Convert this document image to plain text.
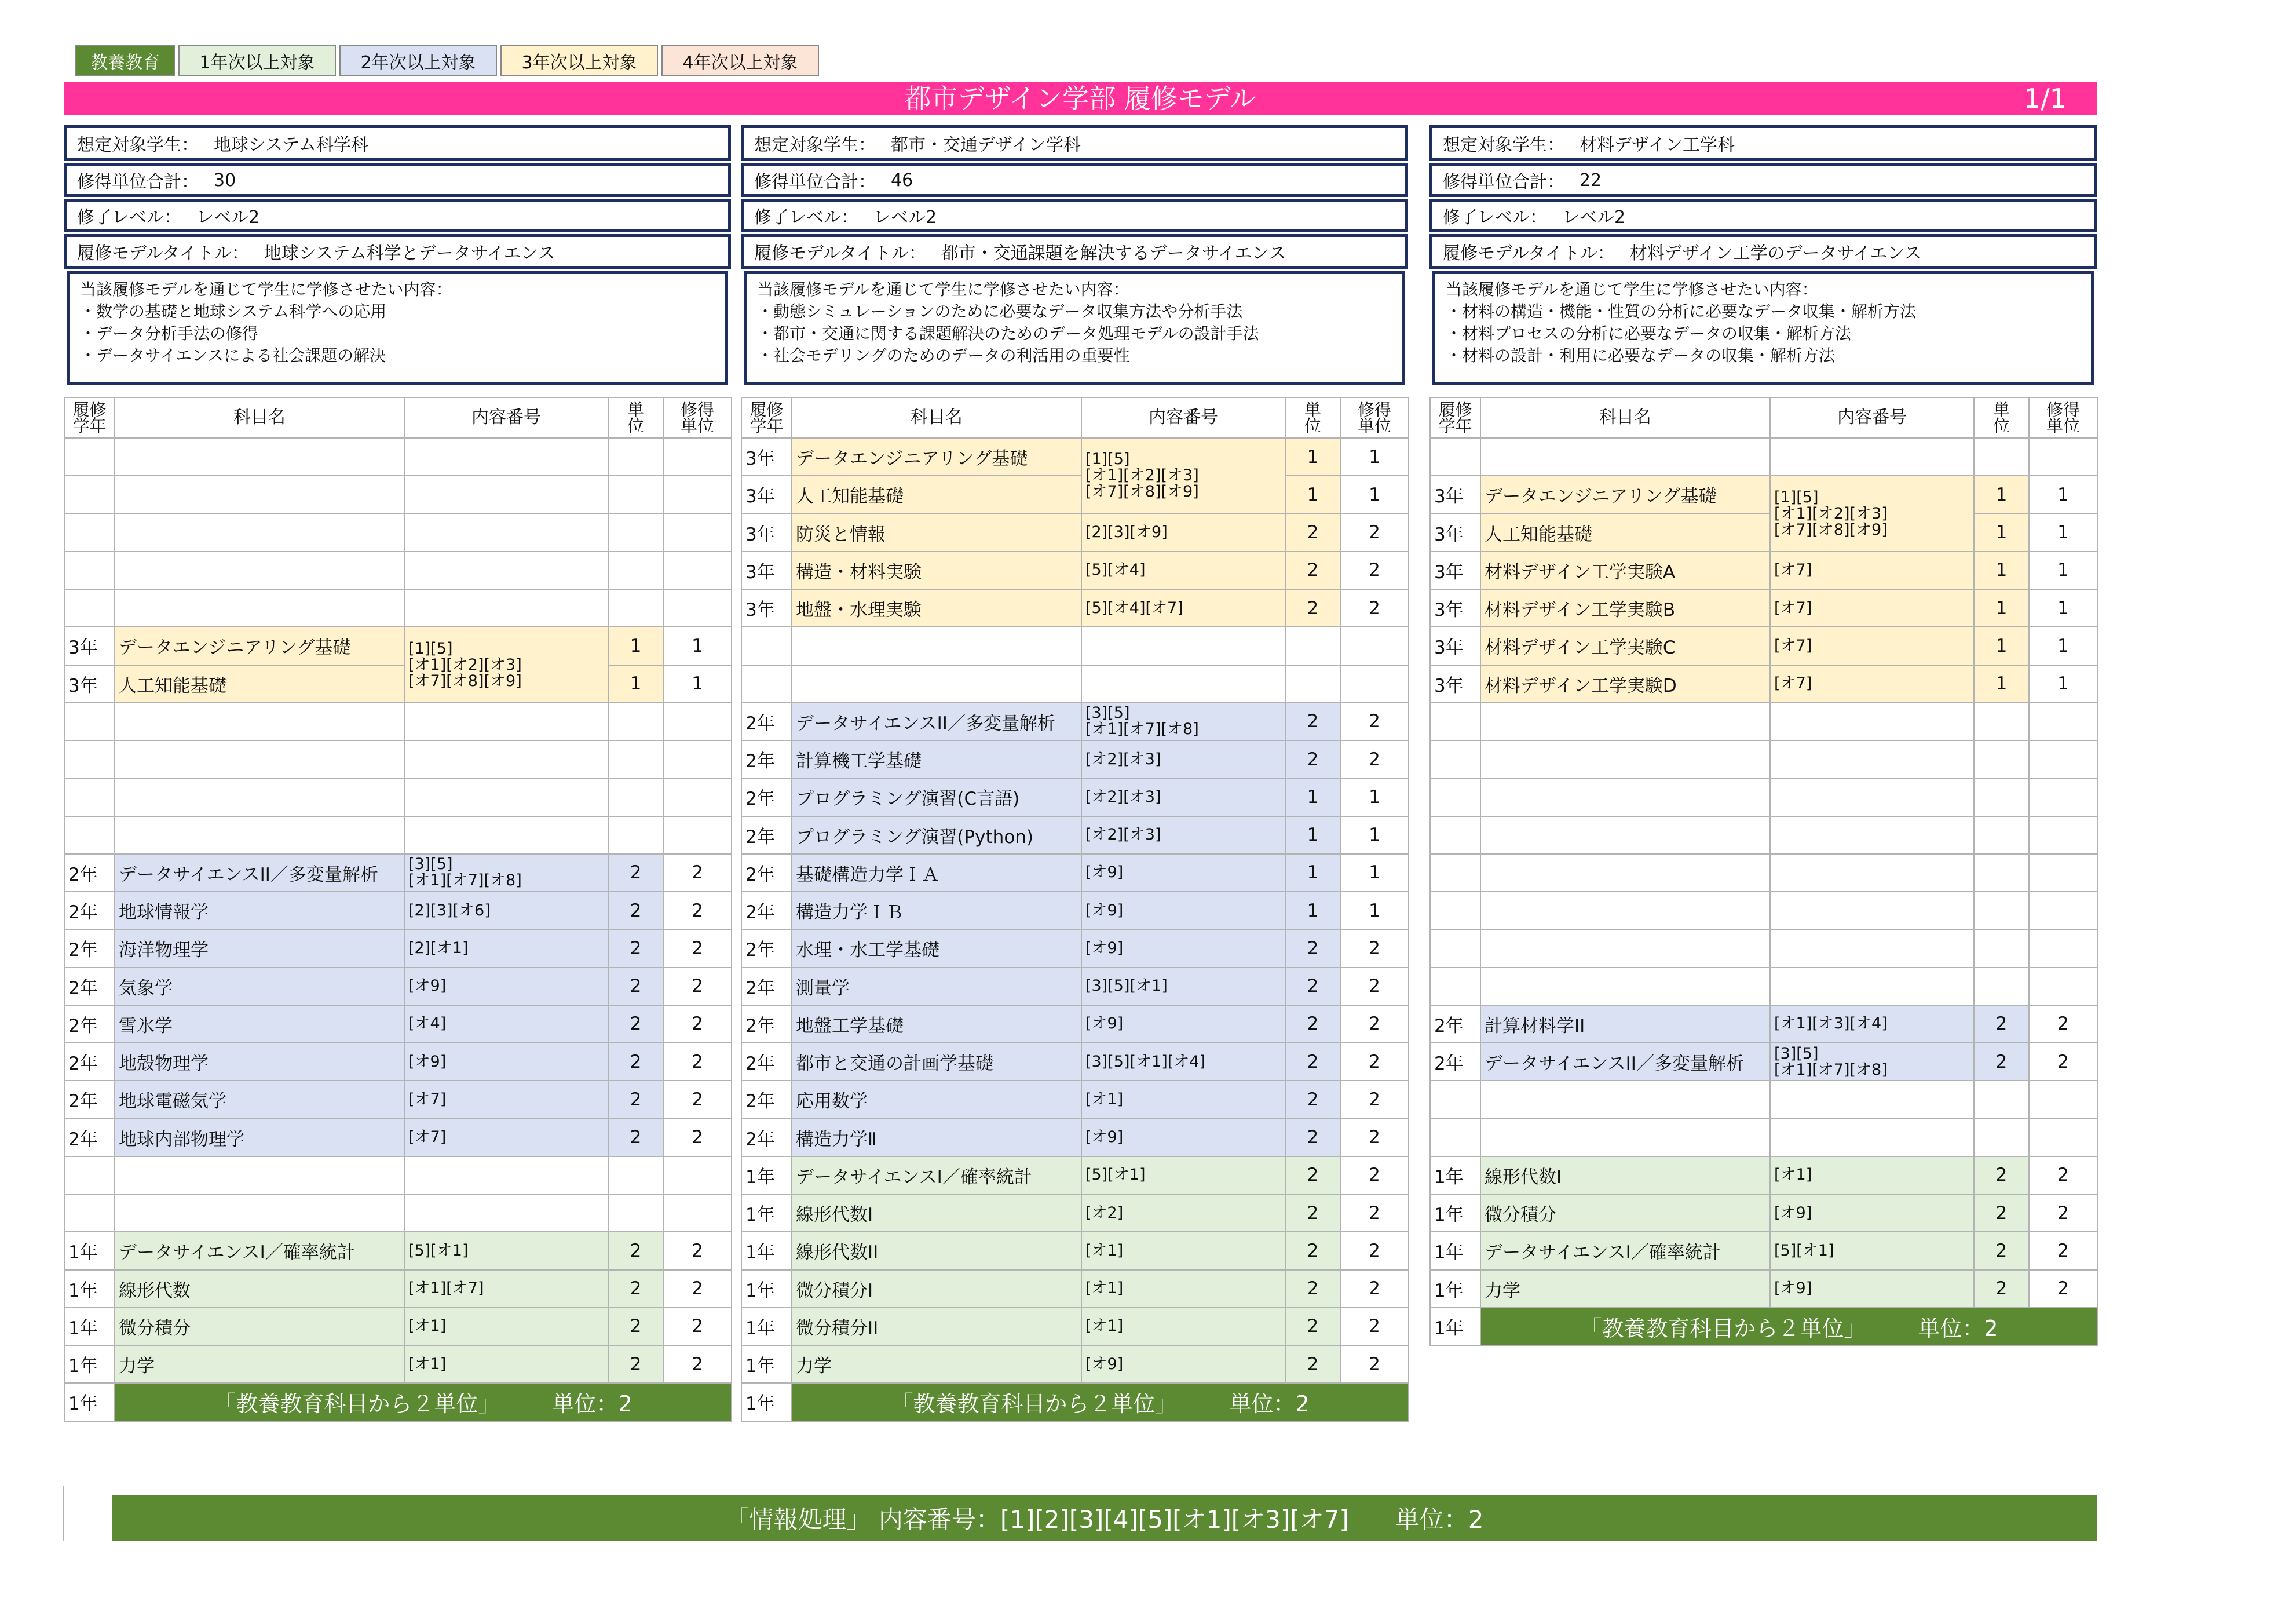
教養教育	1年次以上対象	2年次以上対象	3年次以上対象	4年次以上対象
都市デザイン学部 履修モデル	1/1
想定対象学生： 地球システム科学科
修得単位合計： 30
修了レベル： レベル2
履修モデルタイトル： 地球システム科学とデータサイエンス
当該履修モデルを通じて学生に学修させたい内容：
・数学の基礎と地球システム科学への応用
・データ分析手法の修得
・データサイエンスによる社会課題の解決
履修
学年	科目名	内容番号	単
位	修得
単位

3年	データエンジニアリング基礎	[1][5]
[オ1][オ2][オ3]
[オ7][オ8][オ9]	1	1
3年	人工知能基礎		1	1

2年	データサイエンスII／多変量解析	[3][5]
[オ1][オ7][オ8]	2	2
2年	地球情報学	[2][3][オ6]	2	2
2年	海洋物理学	[2][オ1]	2	2
2年	気象学	[オ9]	2	2
2年	雪氷学	[オ4]	2	2
2年	地殻物理学	[オ9]	2	2
2年	地球電磁気学	[オ7]	2	2
2年	地球内部物理学	[オ7]	2	2

1年	データサイエンスI／確率統計	[5][オ1]	2	2
1年	線形代数	[オ1][オ7]	2	2
1年	微分積分	[オ1]	2	2
1年	力学	[オ1]	2	2
1年	「教養教育科目から２単位」 単位：2			
想定対象学生： 都市・交通デザイン学科
修得単位合計： 46
修了レベル： レベル2
履修モデルタイトル： 都市・交通課題を解決するデータサイエンス
当該履修モデルを通じて学生に学修させたい内容：
・動態シミュレーションのために必要なデータ収集方法や分析手法
・都市・交通に関する課題解決のためのデータ処理モデルの設計手法
・社会モデリングのためのデータの利活用の重要性
履修
学年	科目名	内容番号	単
位	修得
単位
3年	データエンジニアリング基礎	[1][5]
[オ1][オ2][オ3]
[オ7][オ8][オ9]	1	1
3年	人工知能基礎		1	1
3年	防災と情報	[2][3][オ9]	2	2
3年	構造・材料実験	[5][オ4]	2	2
3年	地盤・水理実験	[5][オ4][オ7]	2	2

2年	データサイエンスII／多変量解析	[3][5]
[オ1][オ7][オ8]	2	2
2年	計算機工学基礎	[オ2][オ3]	2	2
2年	プログラミング演習(C言語)	[オ2][オ3]	1	1
2年	プログラミング演習(Python)	[オ2][オ3]	1	1
2年	基礎構造力学ＩＡ	[オ9]	1	1
2年	構造力学ＩＢ	[オ9]	1	1
2年	水理・水工学基礎	[オ9]	2	2
2年	測量学	[3][5][オ1]	2	2
2年	地盤工学基礎	[オ9]	2	2
2年	都市と交通の計画学基礎	[3][5][オ1][オ4]	2	2
2年	応用数学	[オ1]	2	2
2年	構造力学Ⅱ	[オ9]	2	2
1年	データサイエンスI／確率統計	[5][オ1]	2	2
1年	線形代数I	[オ2]	2	2
1年	線形代数II	[オ1]	2	2
1年	微分積分I	[オ1]	2	2
1年	微分積分II	[オ1]	2	2
1年	力学	[オ9]	2	2
1年	「教養教育科目から２単位」 単位：2			
想定対象学生： 材料デザイン工学科
修得単位合計： 22
修了レベル： レベル2
履修モデルタイトル： 材料デザイン工学のデータサイエンス
当該履修モデルを通じて学生に学修させたい内容：
・材料の構造・機能・性質の分析に必要なデータ収集・解析方法
・材料プロセスの分析に必要なデータの収集・解析方法
・材料の設計・利用に必要なデータの収集・解析方法
履修
学年	科目名	内容番号	単
位	修得
単位

3年	データエンジニアリング基礎	[1][5]
[オ1][オ2][オ3]
[オ7][オ8][オ9]	1	1
3年	人工知能基礎		1	1
3年	材料デザイン工学実験A	[オ7]	1	1
3年	材料デザイン工学実験B	[オ7]	1	1
3年	材料デザイン工学実験C	[オ7]	1	1
3年	材料デザイン工学実験D	[オ7]	1	1

2年	計算材料学II	[オ1][オ3][オ4]	2	2
2年	データサイエンスII／多変量解析	[3][5]
[オ1][オ7][オ8]	2	2

1年	線形代数I	[オ1]	2	2
1年	微分積分	[オ9]	2	2
1年	データサイエンスI／確率統計	[5][オ1]	2	2
1年	力学	[オ9]	2	2
1年	「教養教育科目から２単位」 単位：2			
「情報処理」 内容番号：[1][2][3][4][5][オ1][オ3][オ7] 単位：2
